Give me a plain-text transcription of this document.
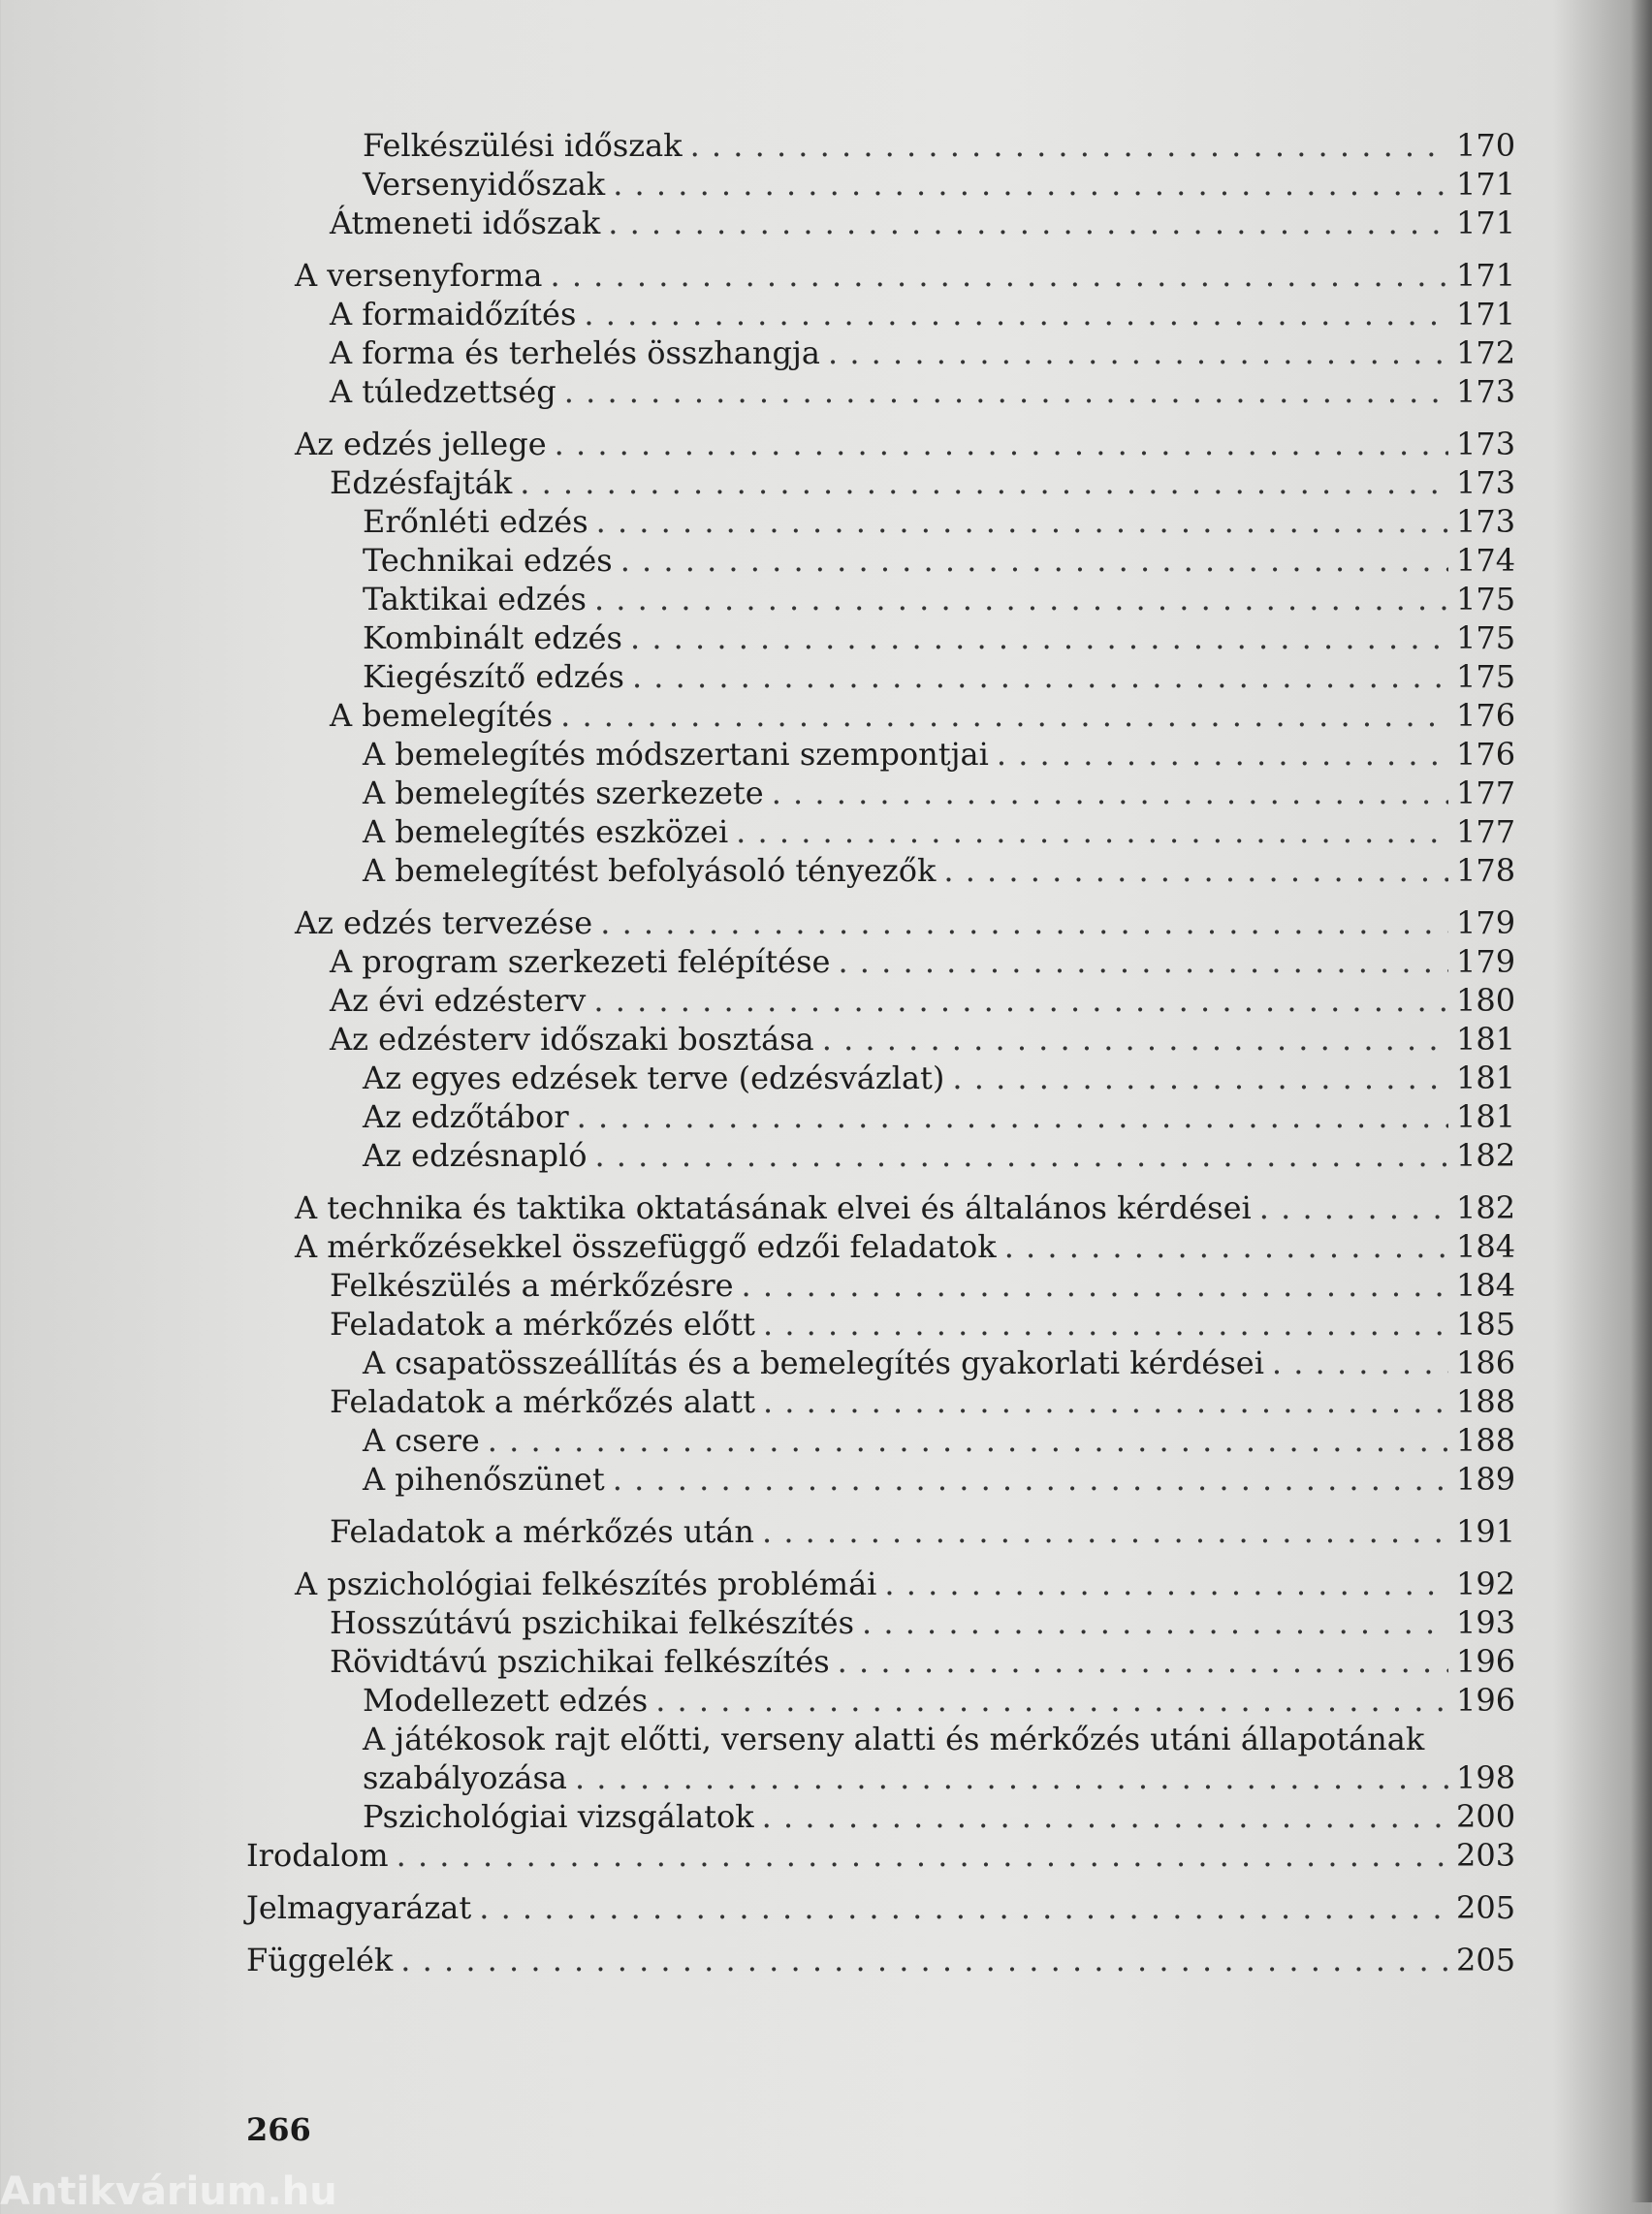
Felkészülési időszak . . .	170
Versenyidőszak . . .	171
Átmeneti időszak . . .	171
A versenyforma . . .	171
A formaidőzítés . . .	171
A forma és terhelés összhangja . . .	172
A túledzettség . . .	173
Az edzés jellege . . .	173
Edzésfajták . . .	173
Erőnléti edzés . . .	173
Technikai edzés . . .	174
Taktikai edzés . . .	175
Kombinált edzés . . .	175
Kiegészítő edzés . . .	175
A bemelegítés . . .	176
A bemelegítés módszertani szempontjai . . .	176
A bemelegítés szerkezete . . .	177
A bemelegítés eszközei . . .	177
A bemelegítést befolyásoló tényezők . . .	178
Az edzés tervezése . . .	179
A program szerkezeti felépítése . . .	179
Az évi edzésterv . . .	180
Az edzésterv időszaki bosztása . . .	181
Az egyes edzések terve (edzésvázlat) . . .	181
Az edzőtábor . . .	181
Az edzésnapló . . .	182
A technika és taktika oktatásának elvei és általános kérdései . . .	182
A mérkőzésekkel összefüggő edzői feladatok . . .	184
Felkészülés a mérkőzésre . . .	184
Feladatok a mérkőzés előtt . . .	185
A csapatösszeállítás és a bemelegítés gyakorlati kérdései . . .	186
Feladatok a mérkőzés alatt . . .	188
A csere . . .	188
A pihenőszünet . . .	189
Feladatok a mérkőzés után . . .	191
A pszichológiai felkészítés problémái . . .	192
Hosszútávú pszichikai felkészítés . . .	193
Rövidtávú pszichikai felkészítés . . .	196
Modellezett edzés . . .	196
A játékosok rajt előtti, verseny alatti és mérkőzés utáni állapotának
szabályozása . . .	198
Pszichológiai vizsgálatok . . .	200
Irodalom . . .	203
Jelmagyarázat . . .	205
Függelék . . .	205
266
Antikvárium.hu
